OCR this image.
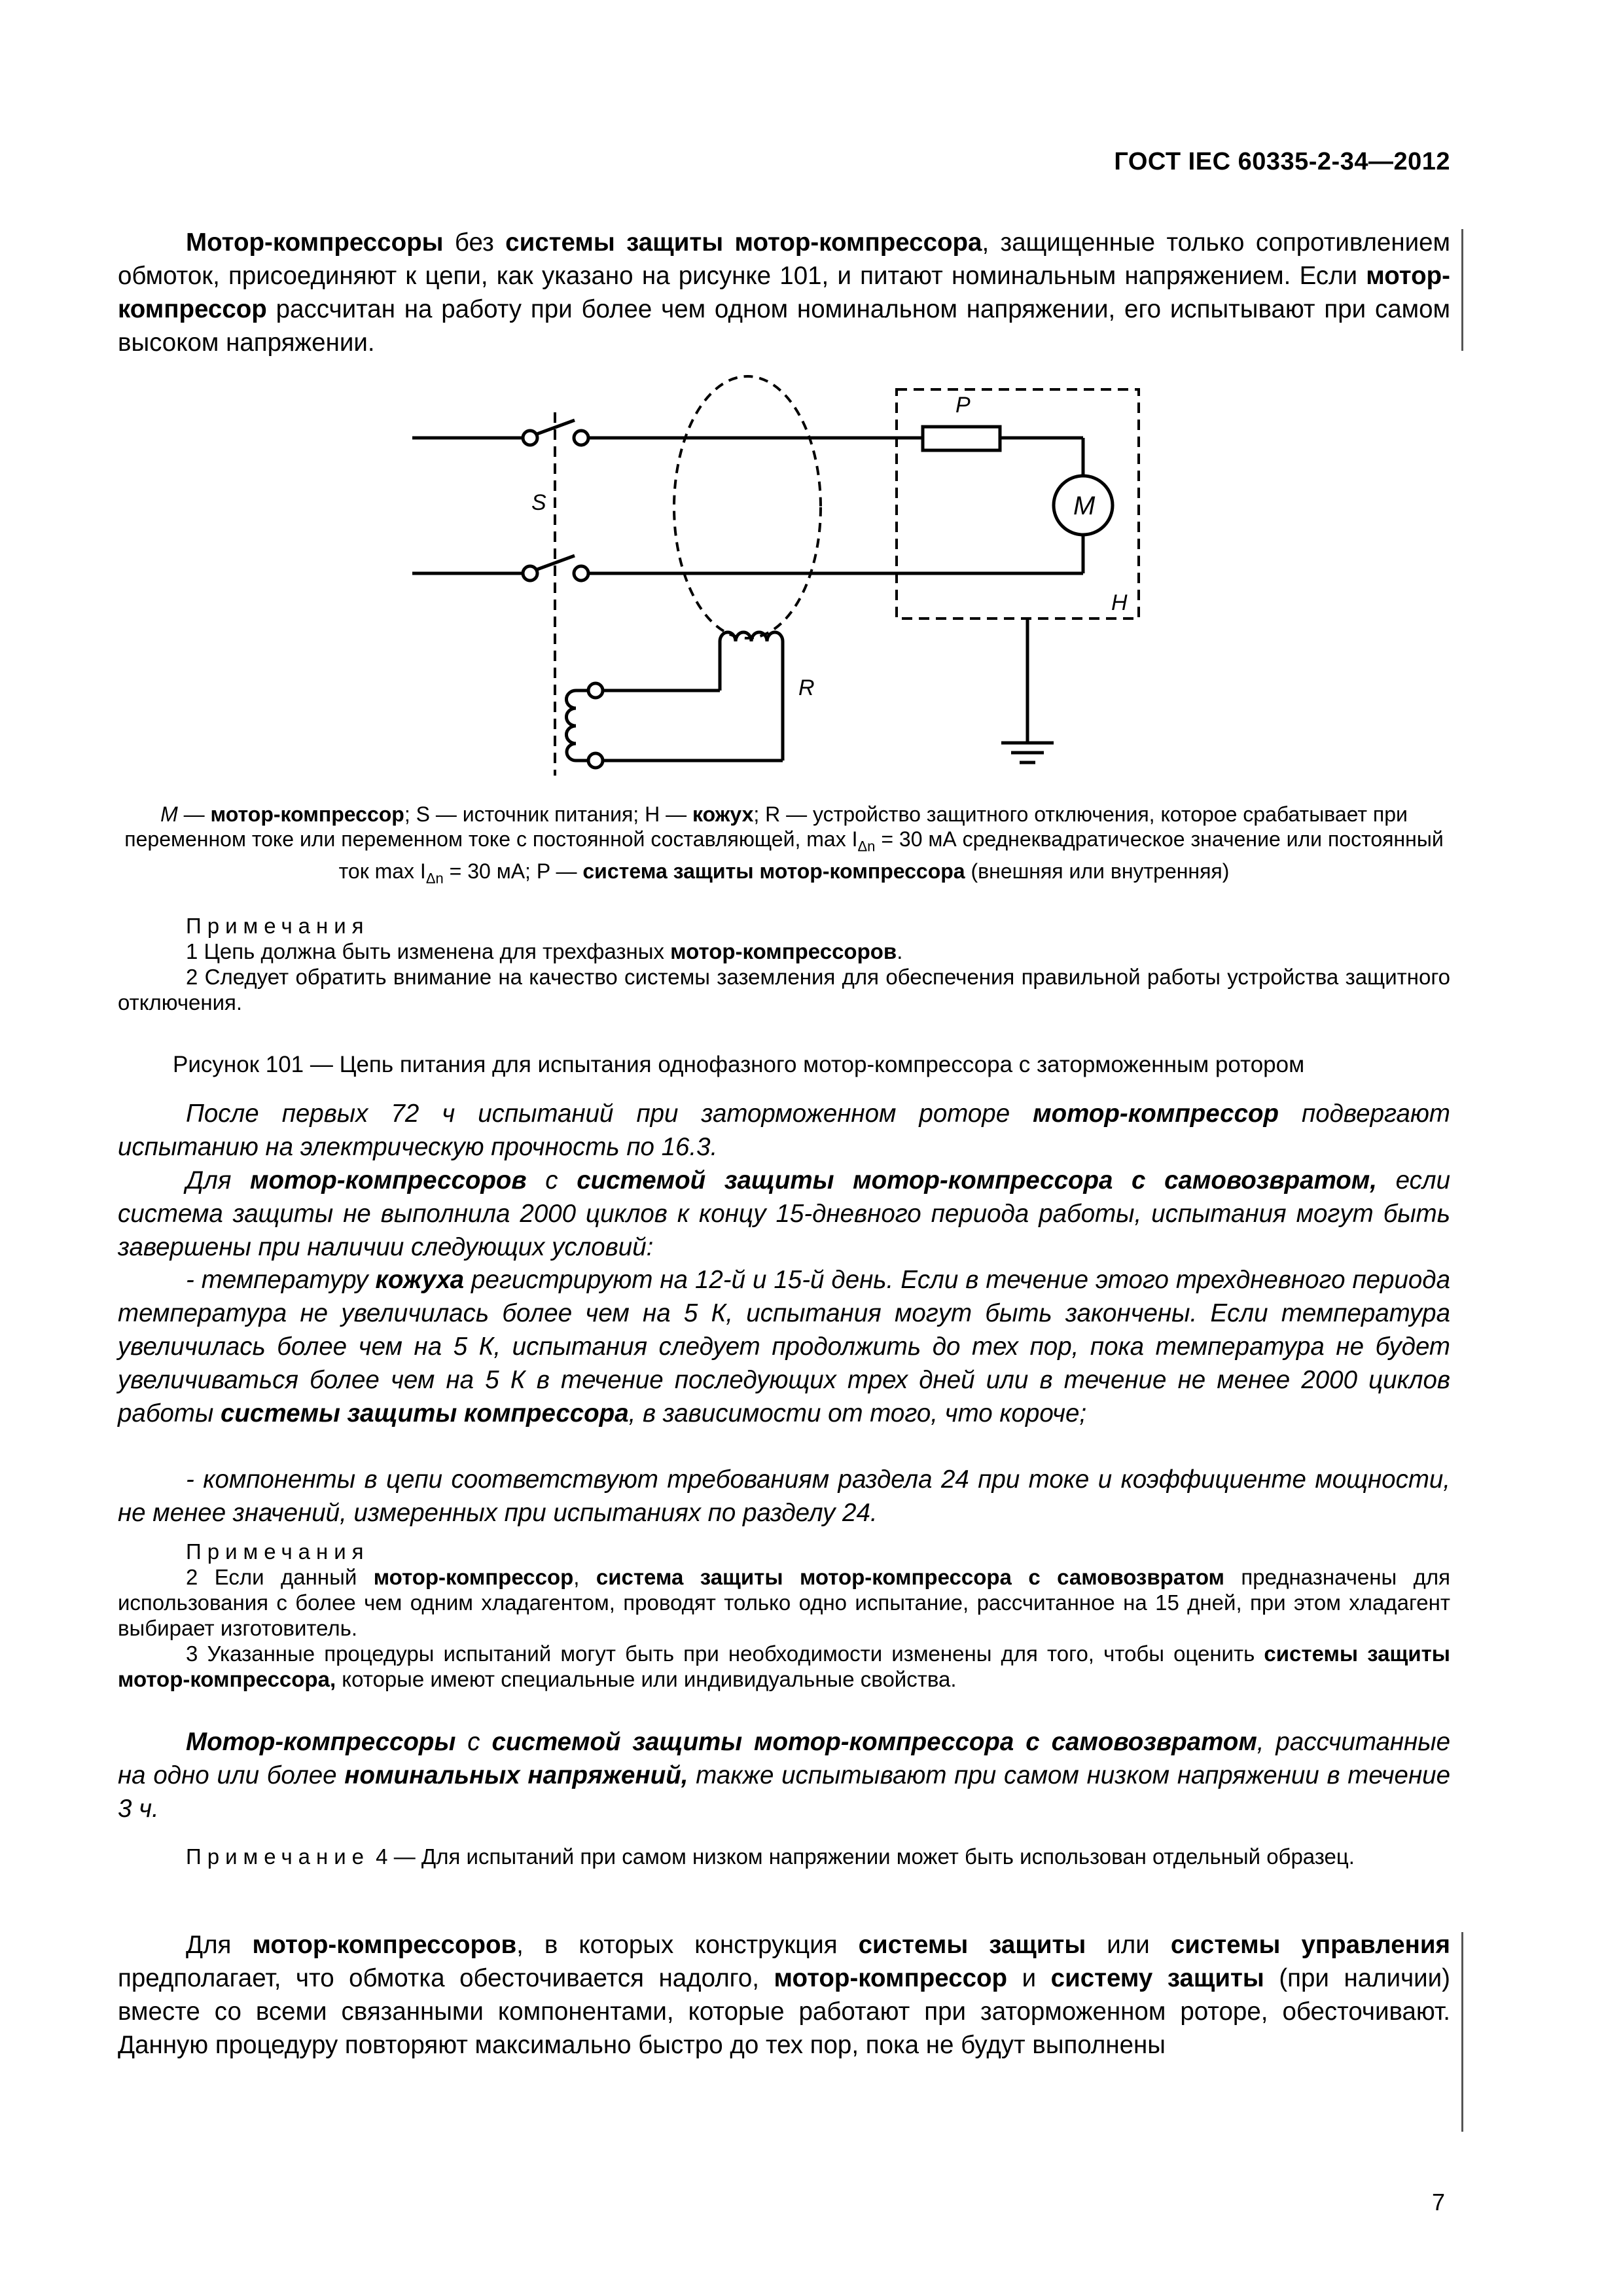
ГОСТ IEC 60335-2-34—2012
Мотор-компрессоры без системы защиты мотор-компрессора, защищенные только сопротивлением обмоток, присоединяют к цепи, как указано на рисунке 101, и питают номинальным напряжением. Если мотор-компрессор рассчитан на работу при более чем одном номинальном напряжении, его испытывают при самом высоком напряжении.
P
S	M
H
R
M — мотор-компрессор; S — источник питания; H — кожух; R — устройство защитного отключения, которое срабатывает при переменном токе или переменном токе с постоянной составляющей, $\max I_{\Delta n} = 30$ мА среднеквадратическое значение или постоянный ток $\max I_{\Delta n} = 30$ мА; P — система защиты мотор-компрессора (внешняя или внутренняя)
Примечания
1 Цепь должна быть изменена для трехфазных мотор-компрессоров.
2 Следует обратить внимание на качество системы заземления для обеспечения правильной работы устройства защитного отключения.
Рисунок 101 — Цепь питания для испытания однофазного мотор-компрессора с заторможенным ротором
После первых 72 ч испытаний при заторможенном роторе мотор-компрессор подвергают испытанию на электрическую прочность по 16.3.
Для мотор-компрессоров с системой защиты мотор-компрессора с самовозвратом, если система защиты не выполнила 2000 циклов к концу 15-дневного периода работы, испытания могут быть завершены при наличии следующих условий:
- температуру кожуха регистрируют на 12-й и 15-й день. Если в течение этого трехдневного периода температура не увеличилась более чем на 5 К, испытания могут быть закончены. Если температура увеличилась более чем на 5 К, испытания следует продолжить до тех пор, пока температура не будет увеличиваться более чем на 5 К в течение последующих трех дней или в течение не менее 2000 циклов работы системы защиты компрессора, в зависимости от того, что короче;
- компоненты в цепи соответствуют требованиям раздела 24 при токе и коэффициенте мощности, не менее значений, измеренных при испытаниях по разделу 24.
Примечания
2 Если данный мотор-компрессор, система защиты мотор-компрессора с самовозвратом предназначены для использования с более чем одним хладагентом, проводят только одно испытание, рассчитанное на 15 дней, при этом хладагент выбирает изготовитель.
3 Указанные процедуры испытаний могут быть при необходимости изменены для того, чтобы оценить системы защиты мотор-компрессора, которые имеют специальные или индивидуальные свойства.
Мотор-компрессоры с системой защиты мотор-компрессора с самовозвратом, рассчитанные на одно или более номинальных напряжений, также испытывают при самом низком напряжении в течение 3 ч.
Примечание 4 — Для испытаний при самом низком напряжении может быть использован отдельный образец.
Для мотор-компрессоров, в которых конструкция системы защиты или системы управления предполагает, что обмотка обесточивается надолго, мотор-компрессор и систему защиты (при наличии) вместе со всеми связанными компонентами, которые работают при заторможенном роторе, обесточивают. Данную процедуру повторяют максимально быстро до тех пор, пока не будут выполнены
7
